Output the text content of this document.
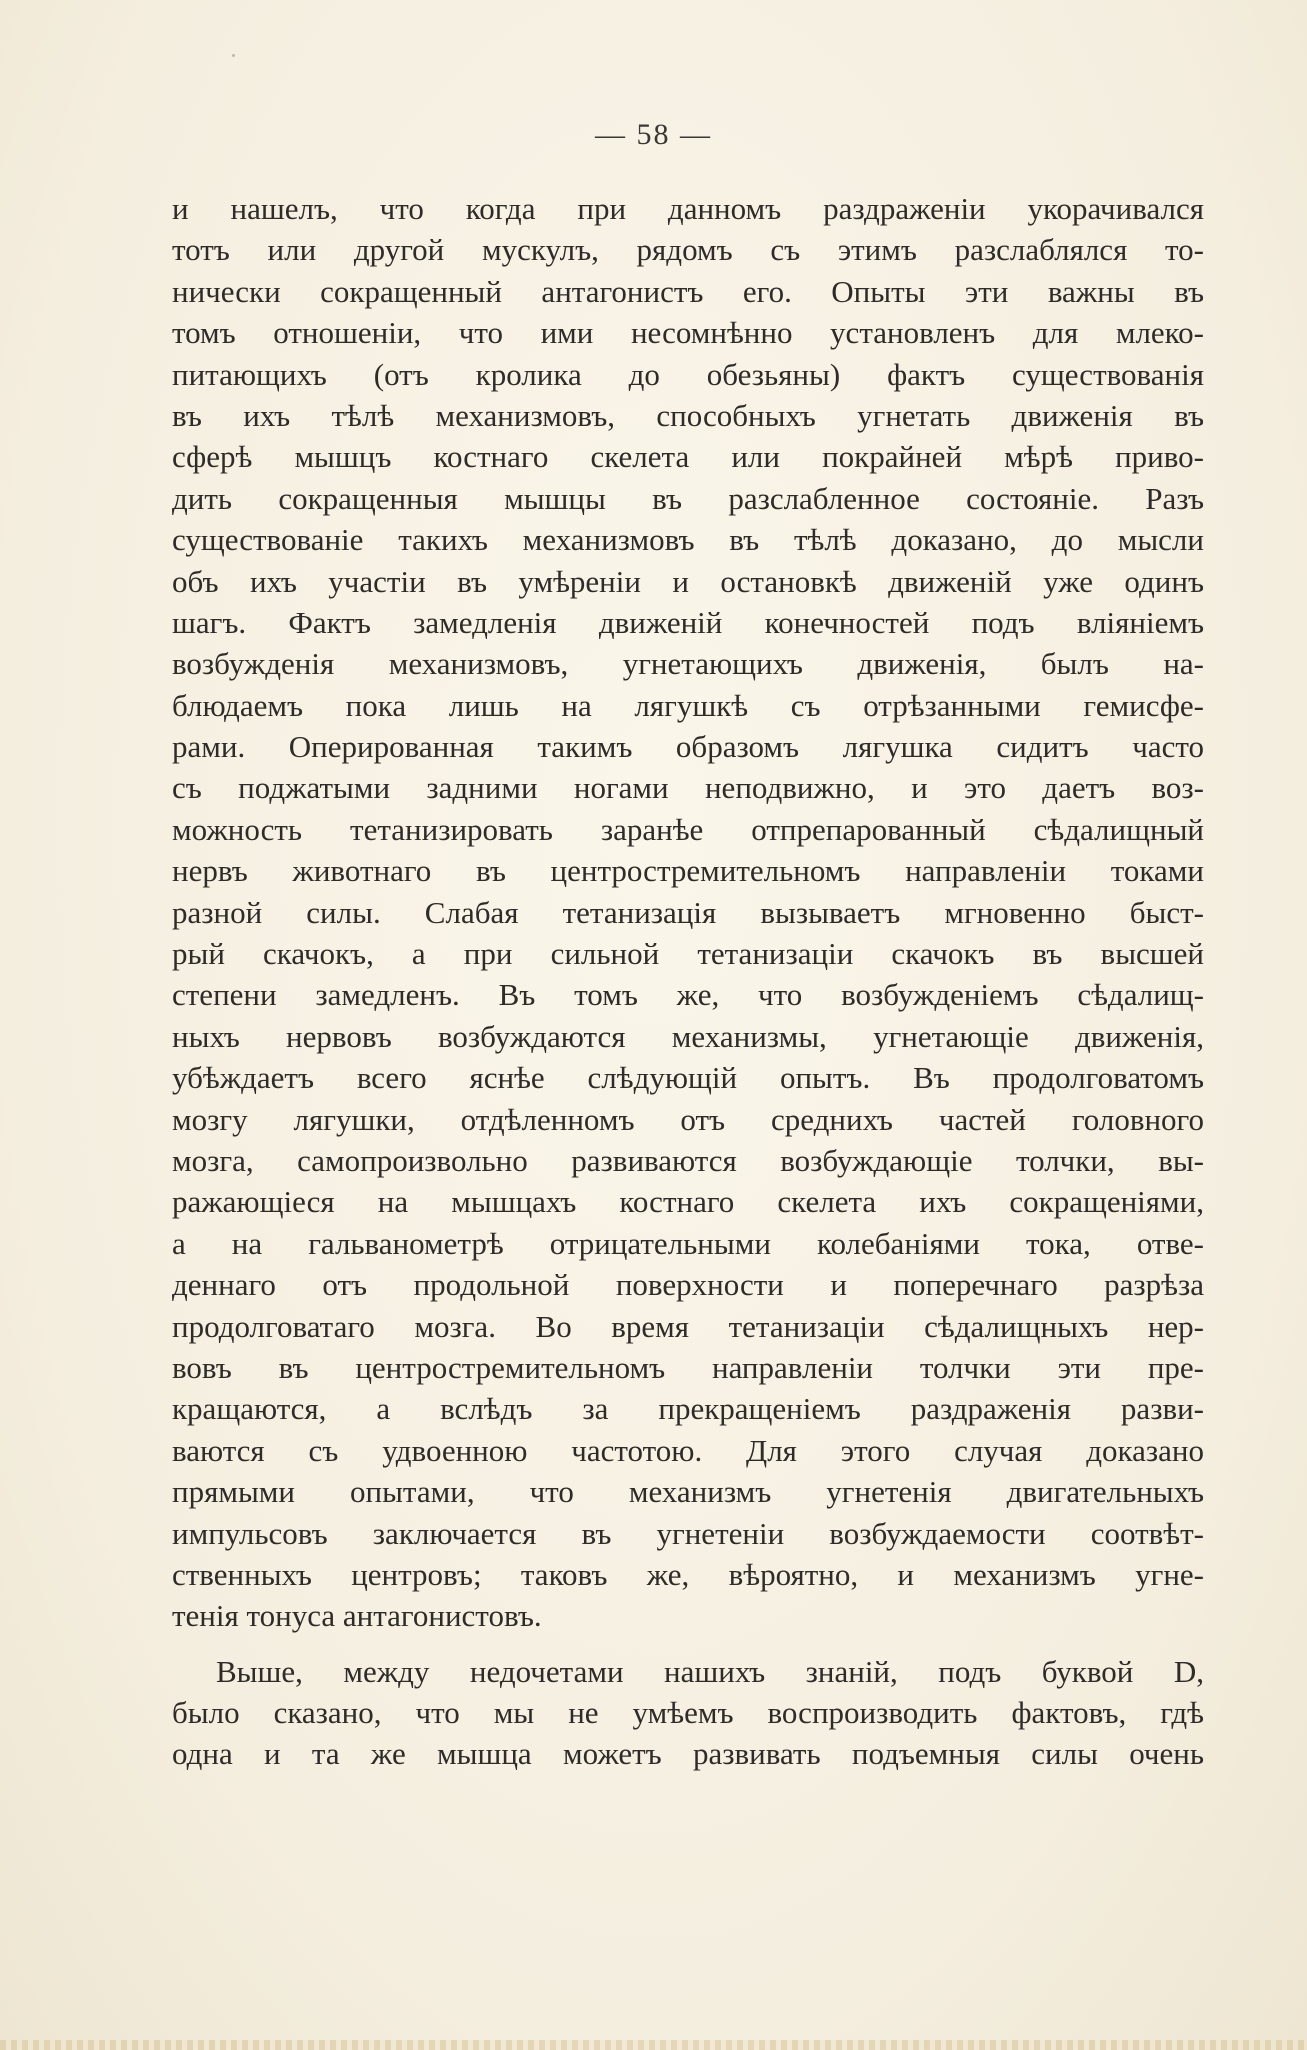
— 58 —
и нашелъ, что когда при данномъ раздраженіи укорачивался
тотъ или другой мускулъ, рядомъ съ этимъ разслаблялся то-
нически сокращенный антагонистъ его. Опыты эти важны въ
томъ отношеніи, что ими несомнѣнно установленъ для млеко-
питающихъ (отъ кролика до обезьяны) фактъ существованія
въ ихъ тѣлѣ механизмовъ, способныхъ угнетать движенія въ
сферѣ мышцъ костнаго скелета или покрайней мѣрѣ приво-
дить сокращенныя мышцы въ разслабленное состояніе. Разъ
существованіе такихъ механизмовъ въ тѣлѣ доказано, до мысли
объ ихъ участіи въ умѣреніи и остановкѣ движеній уже одинъ
шагъ. Фактъ замедленія движеній конечностей подъ вліяніемъ
возбужденія механизмовъ, угнетающихъ движенія, былъ на-
блюдаемъ пока лишь на лягушкѣ съ отрѣзанными гемисфе-
рами. Оперированная такимъ образомъ лягушка сидитъ часто
съ поджатыми задними ногами неподвижно, и это даетъ воз-
можность тетанизировать заранѣе отпрепарованный сѣдалищный
нервъ животнаго въ центростремительномъ направленіи токами
разной силы. Слабая тетанизація вызываетъ мгновенно быст-
рый скачокъ, а при сильной тетанизаціи скачокъ въ высшей
степени замедленъ. Въ томъ же, что возбужденіемъ сѣдалищ-
ныхъ нервовъ возбуждаются механизмы, угнетающіе движенія,
убѣждаетъ всего яснѣе слѣдующій опытъ. Въ продолговатомъ
мозгу лягушки, отдѣленномъ отъ среднихъ частей головного
мозга, самопроизвольно развиваются возбуждающіе толчки, вы-
ражающіеся на мышцахъ костнаго скелета ихъ сокращеніями,
а на гальванометрѣ отрицательными колебаніями тока, отве-
деннаго отъ продольной поверхности и поперечнаго разрѣза
продолговатаго мозга. Во время тетанизаціи сѣдалищныхъ нер-
вовъ въ центростремительномъ направленіи толчки эти пре-
кращаются, а вслѣдъ за прекращеніемъ раздраженія разви-
ваются съ удвоенною частотою. Для этого случая доказано
прямыми опытами, что механизмъ угнетенія двигательныхъ
импульсовъ заключается въ угнетеніи возбуждаемости соотвѣт-
ственныхъ центровъ; таковъ же, вѣроятно, и механизмъ угне-
тенія тонуса антагонистовъ.
Выше, между недочетами нашихъ знаній, подъ буквой D,
было сказано, что мы не умѣемъ воспроизводить фактовъ, гдѣ
одна и та же мышца можетъ развивать подъемныя силы очень
